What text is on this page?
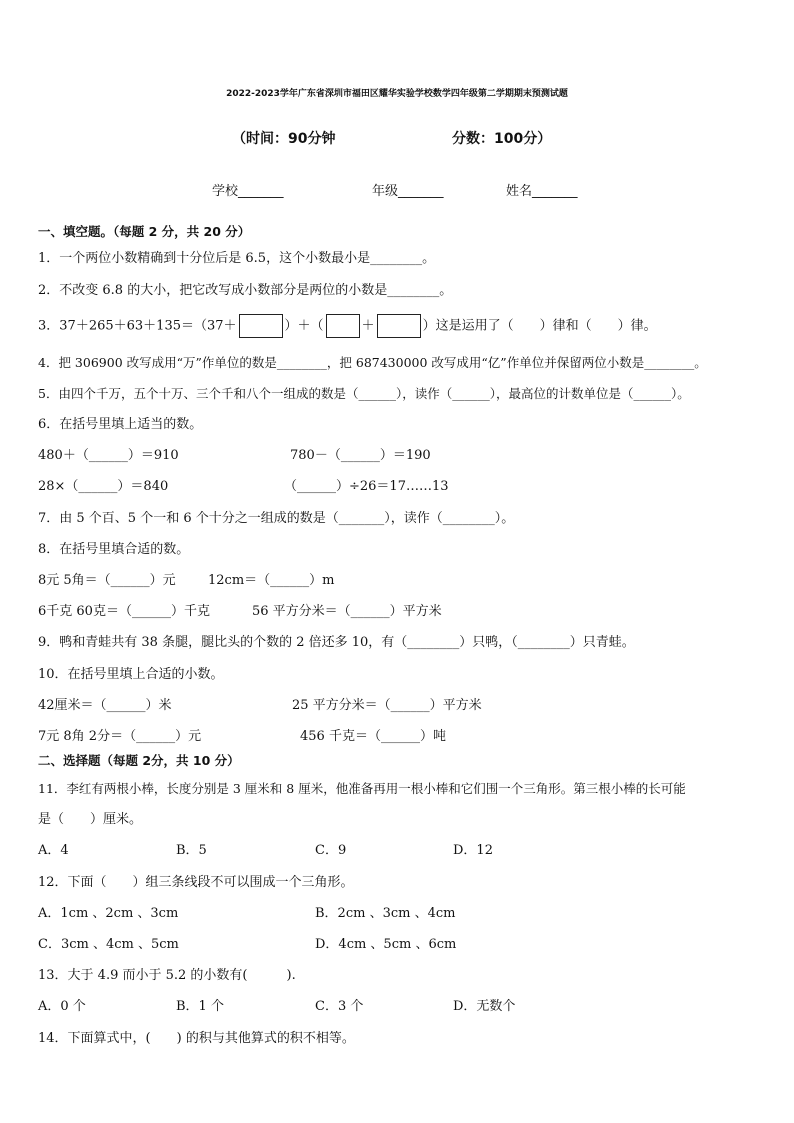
2022-2023学年广东省深圳市福田区耀华实验学校数学四年级第二学期期末预测试题
（时间：90分钟	分数：100分）
学校_______	年级_______	姓名_______
一、填空题。（每题 2 分，共 20 分）
1．一个两位小数精确到十分位后是 6.5，这个小数最小是________。
2．不改变 6.8 的大小，把它改写成小数部分是两位的小数是________。
3．37＋265＋63＋135＝（37＋	）＋（	＋	）这是运用了（　　）律和（　　）律。
4．把 306900 改写成用“万”作单位的数是________，把 687430000 改写成用“亿”作单位并保留两位小数是________。
5．由四个千万，五个十万、三个千和八个一组成的数是（______），读作（______），最高位的计数单位是（______）。
6．在括号里填上适当的数。
480＋（______）＝910	780－（______）＝190
28×（______）＝840	（______）÷26＝17……13
7．由 5 个百、5 个一和 6 个十分之一组成的数是（_______），读作（________）。
8．在括号里填合适的数。
8元 5角＝（______）元 12cm＝（______）m
6千克 60克＝（______）千克	56 平方分米＝（______）平方米
9．鸭和青蛙共有 38 条腿，腿比头的个数的 2 倍还多 10，有（________）只鸭，（________）只青蛙。
10．在括号里填上合适的小数。
42厘米＝（______）米	25 平方分米＝（______）平方米
7元 8角 2分＝（______）元	456 千克＝（______）吨
二、选择题（每题 2分，共 10 分）
11．李红有两根小棒，长度分别是 3 厘米和 8 厘米，他准备再用一根小棒和它们围一个三角形。第三根小棒的长可能
是（　　）厘米。
A．4	B．5	C．9	D．12
12．下面（　　）组三条线段不可以围成一个三角形。
A．1cm 、2cm 、3cm	B．2cm 、3cm 、4cm
C．3cm 、4cm 、5cm	D．4cm 、5cm 、6cm
13．大于 4.9 而小于 5.2 的小数有(　　　).
A．0 个	B．1 个	C．3 个	D．无数个
14．下面算式中，(　　) 的积与其他算式的积不相等。
